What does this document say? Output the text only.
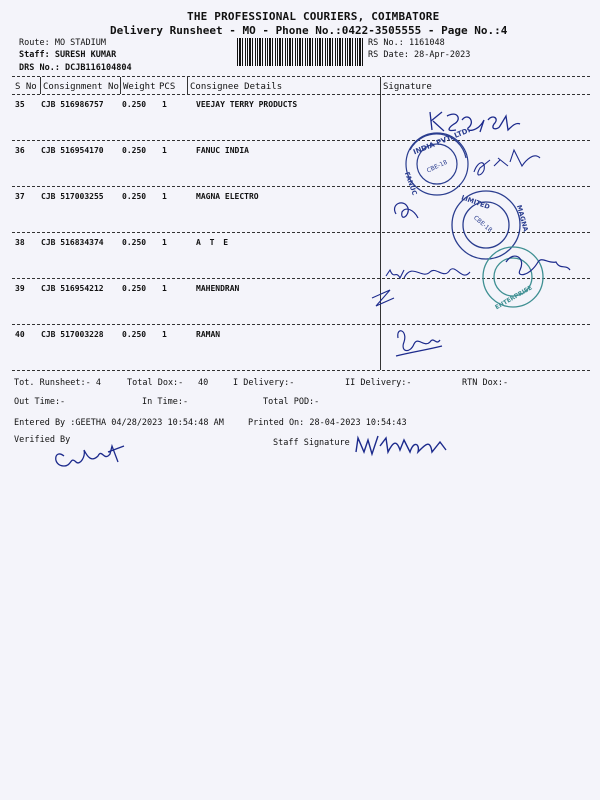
THE PROFESSIONAL COURIERS, COIMBATORE
Delivery Runsheet - MO - Phone No.:0422-3505555 - Page No.:4
Route: MO STADIUM
Staff: SURESH KUMAR
DRS No.: DCJB116104804
RS No.: 1161048
RS Date: 28-Apr-2023
S No Consignment No Weight PCS Consignee Details	Signature
35 CJB 516986757 0.250 1	VEEJAY TERRY PRODUCTS
36 CJB 516954170 0.250 1	FANUC INDIA
37 CJB 517003255 0.250 1	MAGNA ELECTRO
38 CJB 516834374 0.250 1	A T E
39 CJB 516954212 0.250 1	MAHENDRAN
40 CJB 517003228 0.250 1	RAMAN
INDIA PVT. LTD.
FANUC
CBE-18
LIMITED
MAGNA
CBE-18
ENTERPRISE
Tot. Runsheet:- 4	Total Dox:- 40	I Delivery:-	II Delivery:-	RTN Dox:-
Out Time:-	In Time:-	Total POD:-
Entered By :GEETHA 04/28/2023 10:54:48 AM	Printed On: 28-04-2023 10:54:43
Verified By	Staff Signature
